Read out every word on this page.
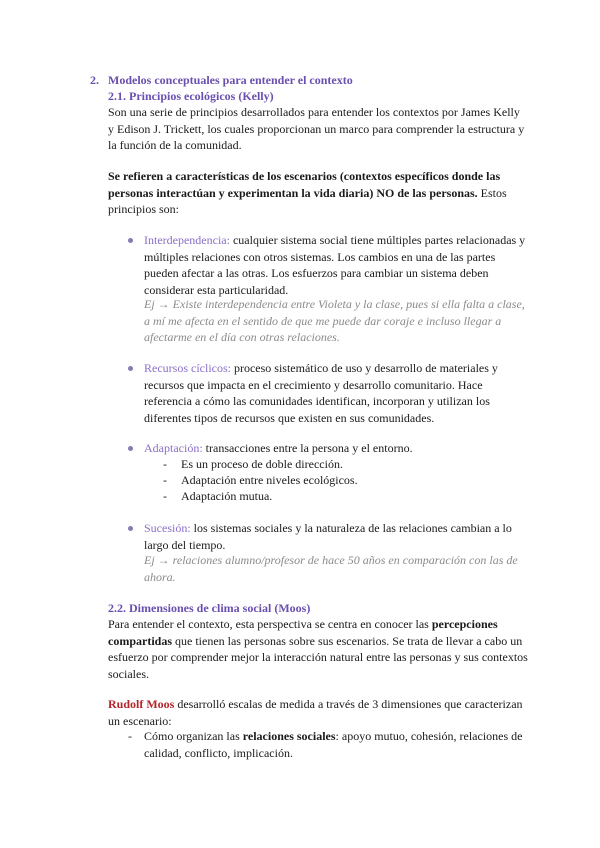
2. Modelos conceptuales para entender el contexto
2.1. Principios ecológicos (Kelly)

Son una serie de principios desarrollados para entender los contextos por James Kelly y Edison J. Trickett, los cuales proporcionan un marco para comprender la estructura y la función de la comunidad.

Se refieren a características de los escenarios (contextos específicos donde las personas interactúan y experimentan la vida diaria) NO de las personas. Estos principios son:

Interdependencia: cualquier sistema social tiene múltiples partes relacionadas y múltiples relaciones con otros sistemas. Los cambios en una de las partes pueden afectar a las otras. Los esfuerzos para cambiar un sistema deben considerar esta particularidad.

Ej → Existe interdependencia entre Violeta y la clase, pues si ella falta a clase, a mí me afecta en el sentido de que me puede dar coraje e incluso llegar a afectarme en el día con otras relaciones.

Recursos cíclicos: proceso sistemático de uso y desarrollo de materiales y recursos que impacta en el crecimiento y desarrollo comunitario. Hace referencia a cómo las comunidades identifican, incorporan y utilizan los diferentes tipos de recursos que existen en sus comunidades.

Adaptación: transacciones entre la persona y el entorno.

- Es un proceso de doble dirección.
- Adaptación entre niveles ecológicos.
- Adaptación mutua.

Sucesión: los sistemas sociales y la naturaleza de las relaciones cambian a lo largo del tiempo.

Ej → relaciones alumno/profesor de hace 50 años en comparación con las de ahora.

2.2. Dimensiones de clima social (Moos)

Para entender el contexto, esta perspectiva se centra en conocer las percepciones compartidas que tienen las personas sobre sus escenarios. Se trata de llevar a cabo un esfuerzo por comprender mejor la interacción natural entre las personas y sus contextos sociales.

Rudolf Moos desarrolló escalas de medida a través de 3 dimensiones que caracterizan un escenario:

- Cómo organizan las relaciones sociales: apoyo mutuo, cohesión, relaciones de calidad, conflicto, implicación.
